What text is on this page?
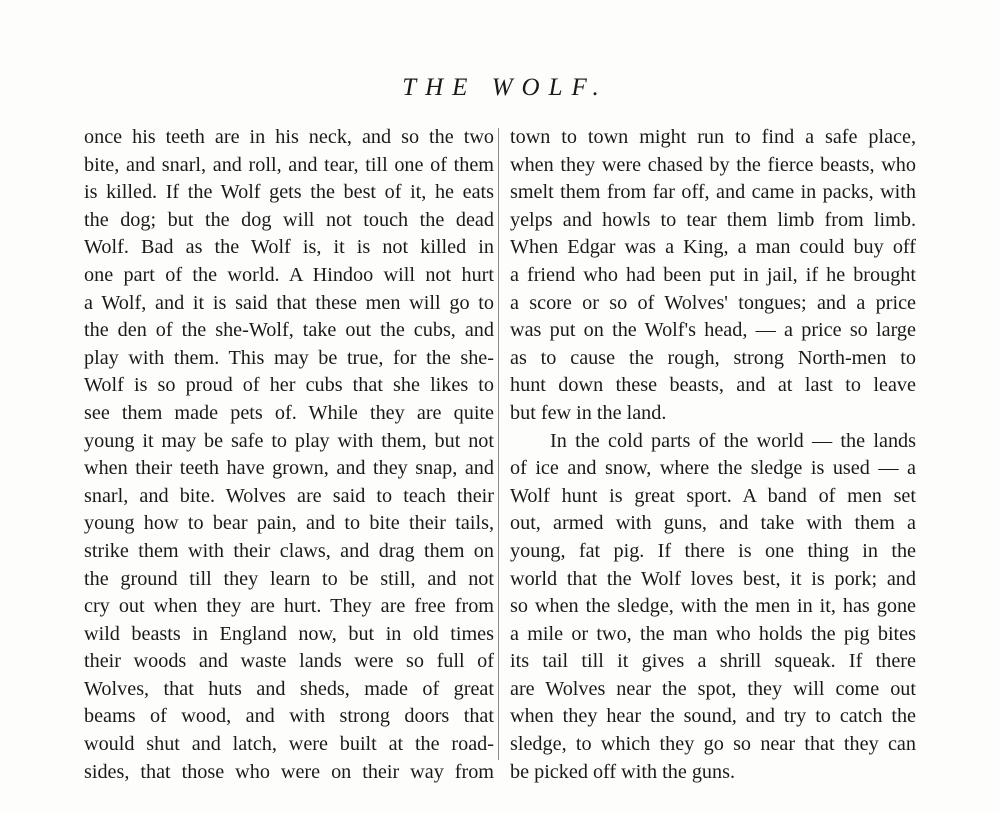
THE WOLF.
once his teeth are in his neck, and so the two
bite, and snarl, and roll, and tear, till one of them
is killed. If the Wolf gets the best of it, he eats
the dog; but the dog will not touch the dead
Wolf. Bad as the Wolf is, it is not killed in
one part of the world. A Hindoo will not hurt
a Wolf, and it is said that these men will go to
the den of the she-Wolf, take out the cubs, and
play with them. This may be true, for the she-
Wolf is so proud of her cubs that she likes to
see them made pets of. While they are quite
young it may be safe to play with them, but not
when their teeth have grown, and they snap, and
snarl, and bite. Wolves are said to teach their
young how to bear pain, and to bite their tails,
strike them with their claws, and drag them on
the ground till they learn to be still, and not
cry out when they are hurt. They are free from
wild beasts in England now, but in old times
their woods and waste lands were so full of
Wolves, that huts and sheds, made of great
beams of wood, and with strong doors that
would shut and latch, were built at the road-
sides, that those who were on their way from
town to town might run to find a safe place,
when they were chased by the fierce beasts, who
smelt them from far off, and came in packs, with
yelps and howls to tear them limb from limb.
When Edgar was a King, a man could buy off
a friend who had been put in jail, if he brought
a score or so of Wolves' tongues; and a price
was put on the Wolf's head, — a price so large
as to cause the rough, strong North-men to
hunt down these beasts, and at last to leave
but few in the land.
In the cold parts of the world — the lands
of ice and snow, where the sledge is used — a
Wolf hunt is great sport. A band of men set
out, armed with guns, and take with them a
young, fat pig. If there is one thing in the
world that the Wolf loves best, it is pork; and
so when the sledge, with the men in it, has gone
a mile or two, the man who holds the pig bites
its tail till it gives a shrill squeak. If there
are Wolves near the spot, they will come out
when they hear the sound, and try to catch the
sledge, to which they go so near that they can
be picked off with the guns.
